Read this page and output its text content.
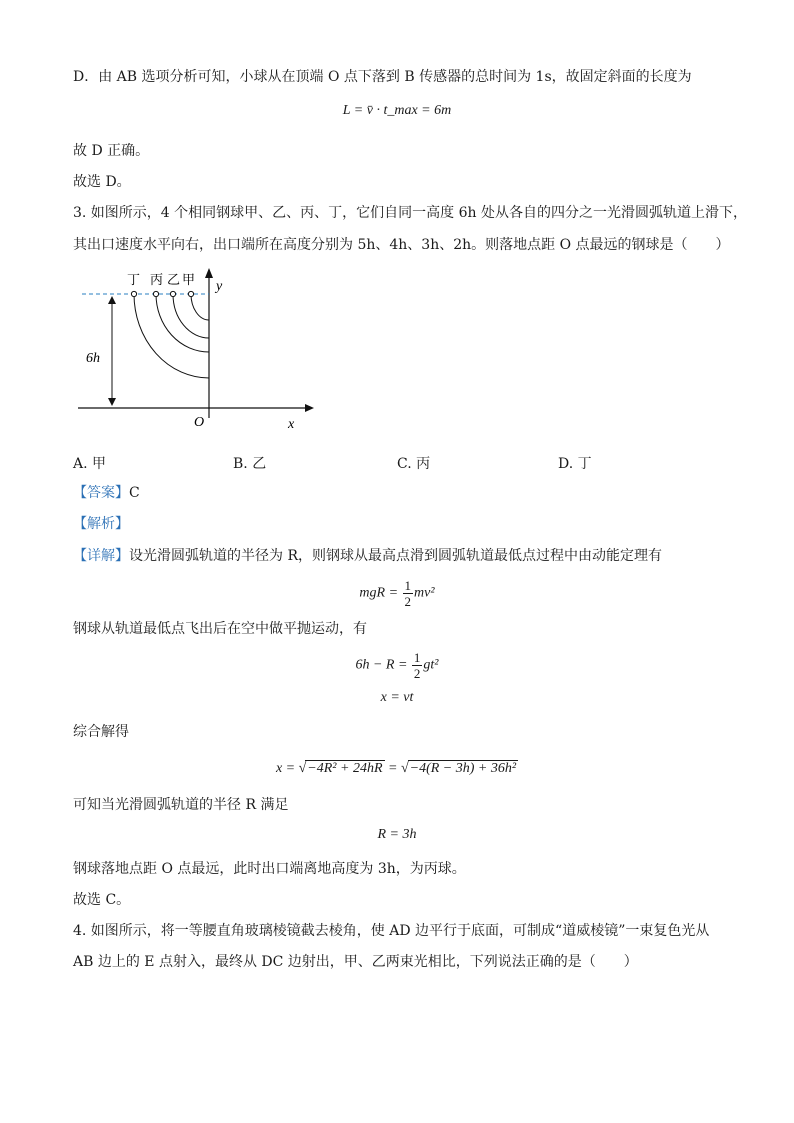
D．由 AB 选项分析可知，小球从在顶端 O 点下落到 B 传感器的总时间为 1s，故固定斜面的长度为
L = v̄ · t_max = 6m
故 D 正确。
故选 D。
3. 如图所示，4 个相同钢球甲、乙、丙、丁，它们自同一高度 6h 处从各自的四分之一光滑圆弧轨道上滑下，
其出口速度水平向右，出口端所在高度分别为 5h、4h、3h、2h。则落地点距 O 点最远的钢球是（　　）
丁 丙 乙 甲
6h
y
x
O
A. 甲	B. 乙	C. 丙	D. 丁
【答案】C
【解析】
【详解】设光滑圆弧轨道的半径为 R，则钢球从最高点滑到圆弧轨道最低点过程中由动能定理有
mgR = $\frac{1}{2} mv^2$
钢球从轨道最低点飞出后在空中做平抛运动，有
$6h - R = \frac{1}{2} gt^2$
x = vt
综合解得
x = √−4R² + 24hR = √−4(R − 3h) + 36h²
可知当光滑圆弧轨道的半径 R 满足
R = 3h
钢球落地点距 O 点最远，此时出口端离地高度为 3h，为丙球。
故选 C。
4. 如图所示，将一等腰直角玻璃棱镜截去棱角，使 AD 边平行于底面，可制成“道威棱镜”一束复色光从
AB 边上的 E 点射入，最终从 DC 边射出，甲、乙两束光相比，下列说法正确的是（　　）
